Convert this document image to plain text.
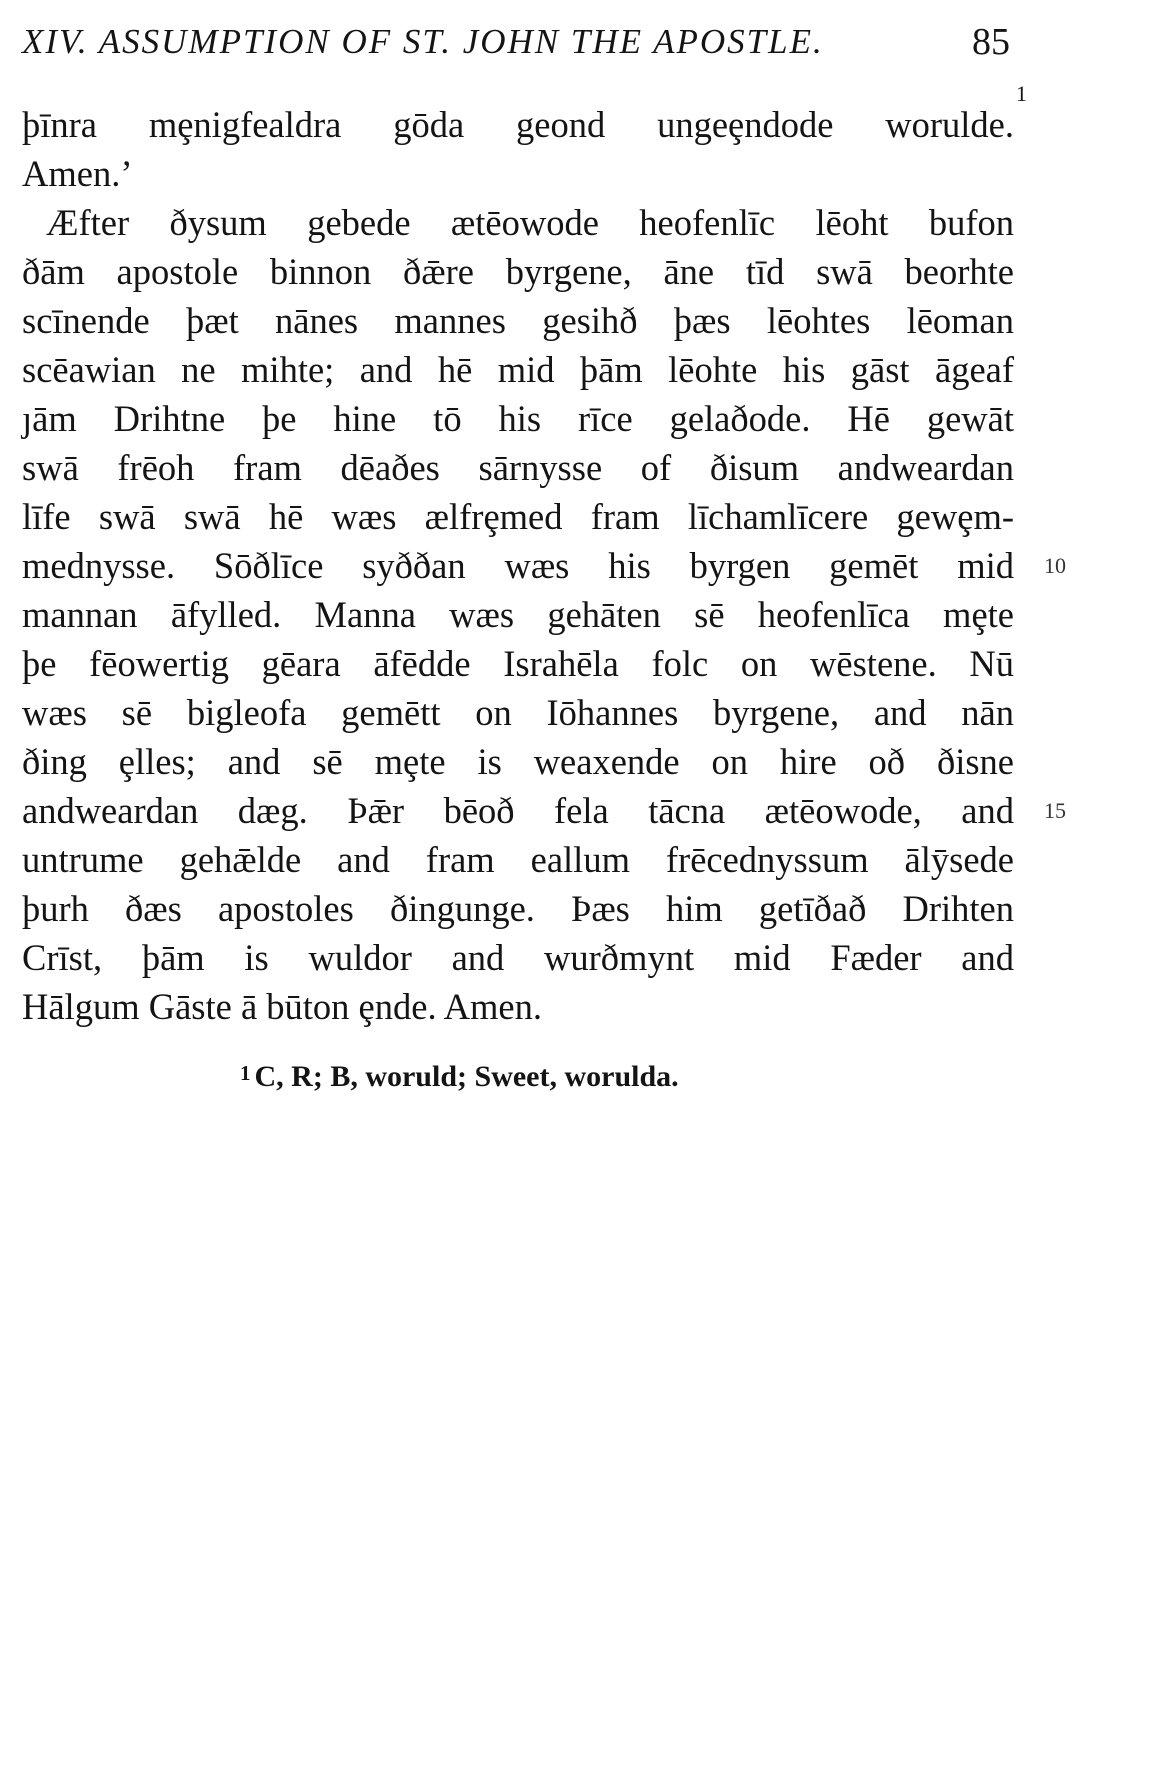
XIV. ASSUMPTION OF ST. JOHN THE APOSTLE.	85
þīnra mȩnigfealdra gōda geond ungeȩndode worulde.
1
Amen.’
Æfter ðysum gebede ætēowode heofenlīc lēoht bufon
ðām apostole binnon ðǣre byrgene, āne tīd swā beorhte
scīnende þæt nānes mannes gesihð þæs lēohtes lēoman
scēawian ne mihte; and hē mid þām lēohte his gāst āgeaf
ȷām Drihtne þe hine tō his rīce gelaðode. Hē gewāt
swā frēoh fram dēaðes sārnysse of ðisum andweardan
līfe swā swā hē wæs ælfrȩmed fram līchamlīcere gewȩm-
mednysse. Sōðlīce syððan wæs his byrgen gemēt mid 10
mannan āfylled. Manna wæs gehāten sē heofenlīca mȩte
þe fēowertig gēara āfēdde Israhēla folc on wēstene. Nū
wæs sē bigleofa gemētt on Iōhannes byrgene, and nān
ðing ȩlles; and sē mȩte is weaxende on hire oð ðisne
andweardan dæg. Þǣr bēoð fela tācna ætēowode, and 15
untrume gehǣlde and fram eallum frēcednyssum ālȳsede
þurh ðæs apostoles ðingunge. Þæs him getīðað Drihten
Crīst, þām is wuldor and wurðmynt mid Fæder and
Hālgum Gāste ā būton ȩnde. Amen.
$^1$ C, R; B, woruld; Sweet, worulda.
